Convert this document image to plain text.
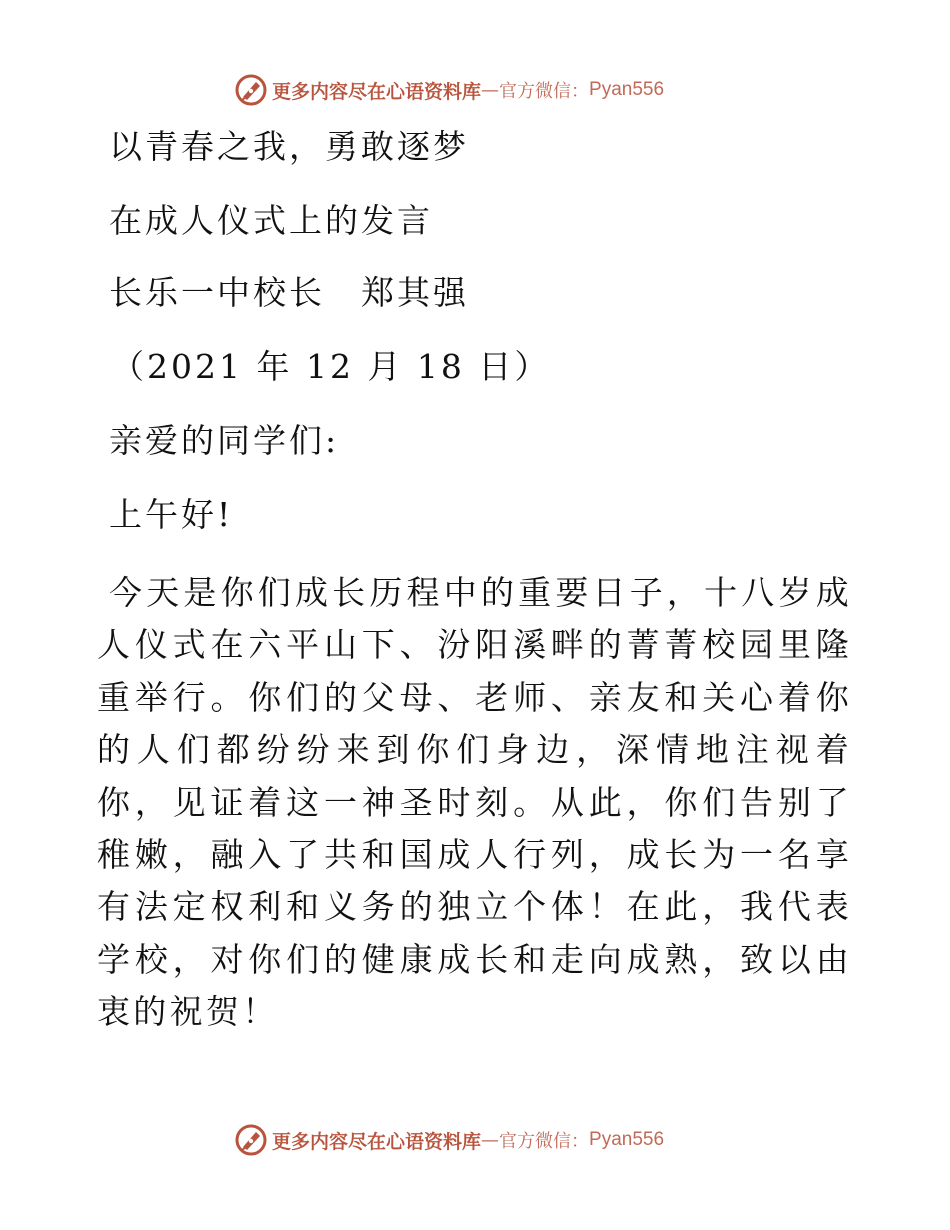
更多内容尽在心语资料库 — 官方微信： Pyan556
以青春之我，勇敢逐梦
在成人仪式上的发言
长乐一中校长　郑其强
（2021 年 12 月 18 日）
亲爱的同学们:
上午好!
今天是你们成长历程中的重要日子，十八岁成人仪式在六平山下、汾阳溪畔的菁菁校园里隆重举行。你们的父母、老师、亲友和关心着你的人们都纷纷来到你们身边，深情地注视着你，见证着这一神圣时刻。从此，你们告别了稚嫩，融入了共和国成人行列，成长为一名享有法定权利和义务的独立个体！在此，我代表学校，对你们的健康成长和走向成熟，致以由衷的祝贺！
更多内容尽在心语资料库 — 官方微信： Pyan556
